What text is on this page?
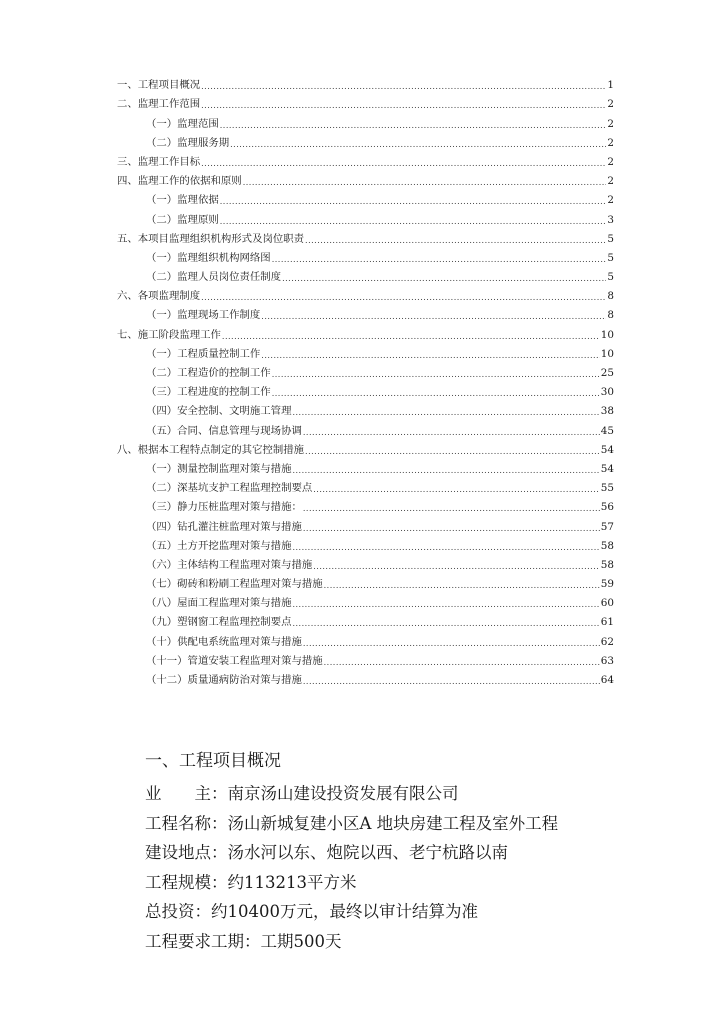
一、工程项目概况 .....	1
二、监理工作范围 .....	2
（一）监理范围 .....	2
（二）监理服务期 .....	2
三、监理工作目标 .....	2
四、监理工作的依据和原则 .....	2
（一）监理依据 .....	2
（二）监理原则 .....	3
五、本项目监理组织机构形式及岗位职责 .....	5
（一）监理组织机构网络图 .....	5
（二）监理人员岗位责任制度 .....	5
六、各项监理制度 .....	8
（一）监理现场工作制度 .....	8
七、施工阶段监理工作 .....	10
（一）工程质量控制工作 .....	10
（二）工程造价的控制工作 .....	25
（三）工程进度的控制工作 .....	30
（四）安全控制、文明施工管理 .....	38
（五）合同、信息管理与现场协调 .....	45
八、根据本工程特点制定的其它控制措施 .....	54
（一）测量控制监理对策与措施 .....	54
（二）深基坑支护工程监理控制要点 .....	55
（三）静力压桩监理对策与措施： .....	56
（四）钻孔灌注桩监理对策与措施 .....	57
（五）土方开挖监理对策与措施 .....	58
（六）主体结构工程监理对策与措施 .....	58
（七）砌砖和粉刷工程监理对策与措施 .....	59
（八）屋面工程监理对策与措施 .....	60
（九）塑钢窗工程监理控制要点 .....	61
（十）供配电系统监理对策与措施 .....	62
（十一）管道安装工程监理对策与措施 .....	63
（十二）质量通病防治对策与措施 .....	64
一、工程项目概况
业　　主：南京汤山建设投资发展有限公司
工程名称：汤山新城复建小区A 地块房建工程及室外工程
建设地点：汤水河以东、炮院以西、老宁杭路以南
工程规模：约113213平方米
总投资：约10400万元，最终以审计结算为准
工程要求工期：工期500天
